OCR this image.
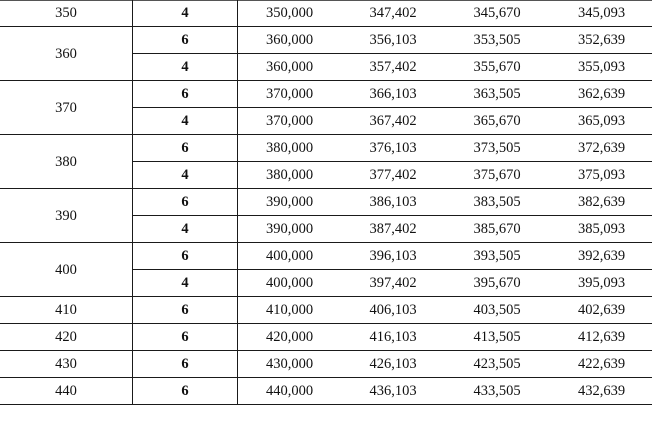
350	4	350,000	347,402	345,670	345,093
360	6	360,000	356,103	353,505	352,639
	4	360,000	357,402	355,670	355,093
370	6	370,000	366,103	363,505	362,639
	4	370,000	367,402	365,670	365,093
380	6	380,000	376,103	373,505	372,639
	4	380,000	377,402	375,670	375,093
390	6	390,000	386,103	383,505	382,639
	4	390,000	387,402	385,670	385,093
400	6	400,000	396,103	393,505	392,639
	4	400,000	397,402	395,670	395,093
410	6	410,000	406,103	403,505	402,639
420	6	420,000	416,103	413,505	412,639
430	6	430,000	426,103	423,505	422,639
440	6	440,000	436,103	433,505	432,639
